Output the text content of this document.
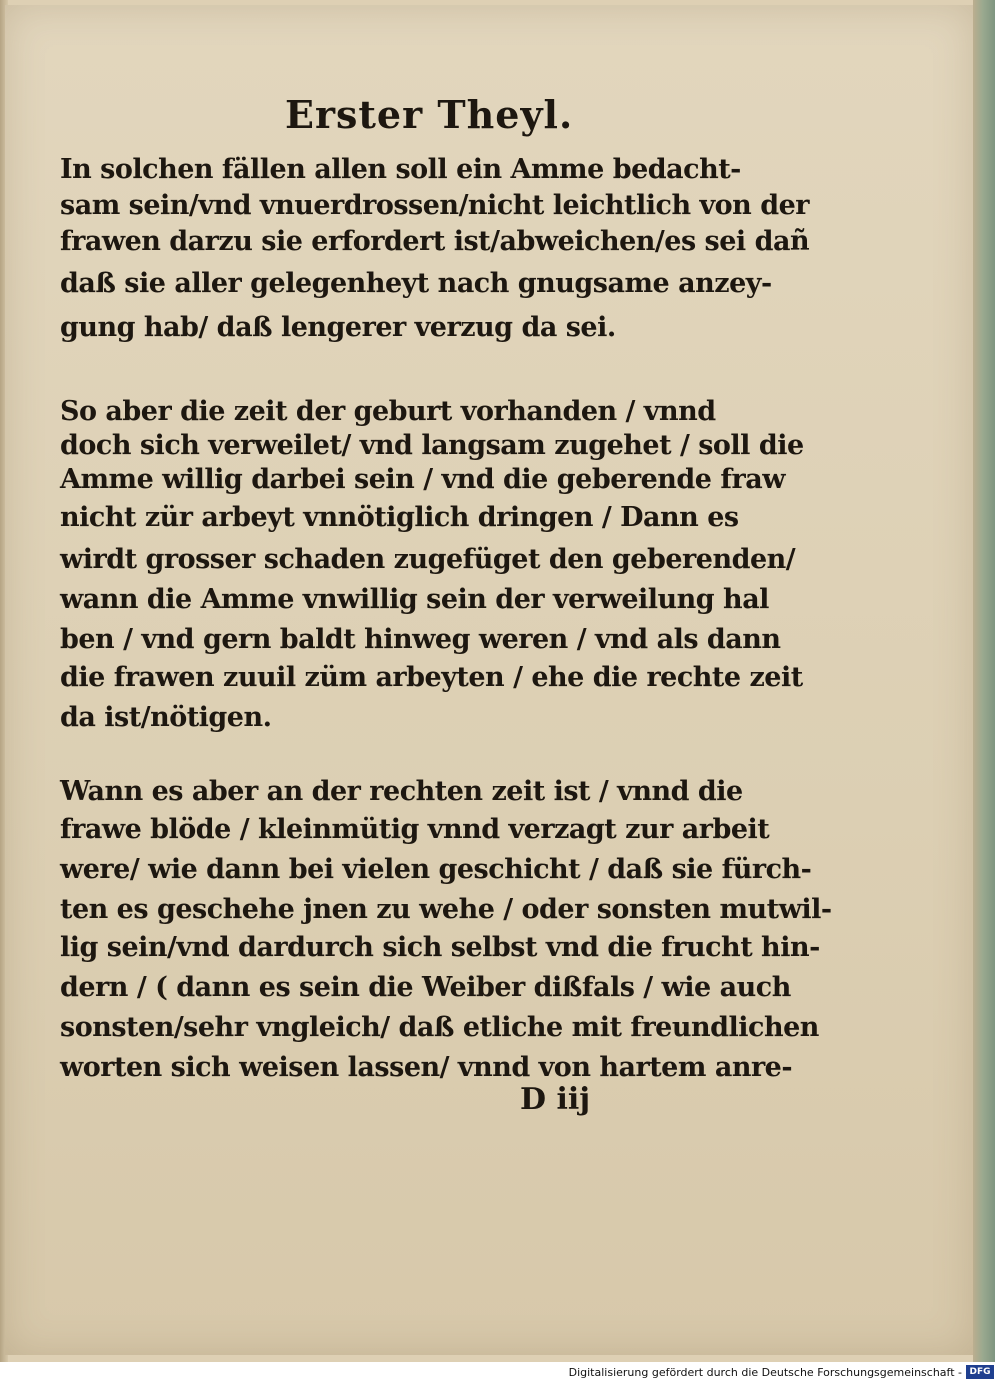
Erster Theyl.
In solchen fällen allen soll ein Amme bedacht-
sam sein/vnd vnuerdrossen/nicht leichtlich von der
frawen darzu sie erfordert ist/abweichen/es sei dañ
daß sie aller gelegenheyt nach gnugsame anzey-
gung hab/ daß lengerer verzug da sei.
So aber die zeit der geburt vorhanden / vnnd
doch sich verweilet/ vnd langsam zugehet / soll die
Amme willig darbei sein / vnd die geberende fraw
nicht zür arbeyt vnnötiglich dringen / Dann es
wirdt grosser schaden zugefüget den geberenden/
wann die Amme vnwillig sein der verweilung hal
ben / vnd gern baldt hinweg weren / vnd als dann
die frawen zuuil züm arbeyten / ehe die rechte zeit
da ist/nötigen.
Wann es aber an der rechten zeit ist / vnnd die
frawe blöde / kleinmütig vnnd verzagt zur arbeit
were/ wie dann bei vielen geschicht / daß sie fürch-
ten es geschehe jnen zu wehe / oder sonsten mutwil-
lig sein/vnd dardurch sich selbst vnd die frucht hin-
dern / ( dann es sein die Weiber dißfals / wie auch
sonsten/sehr vngleich/ daß etliche mit freundlichen
worten sich weisen lassen/ vnnd von hartem anre-
D iij
Digitalisierung gefördert durch die Deutsche Forschungsgemeinschaft - DFG
